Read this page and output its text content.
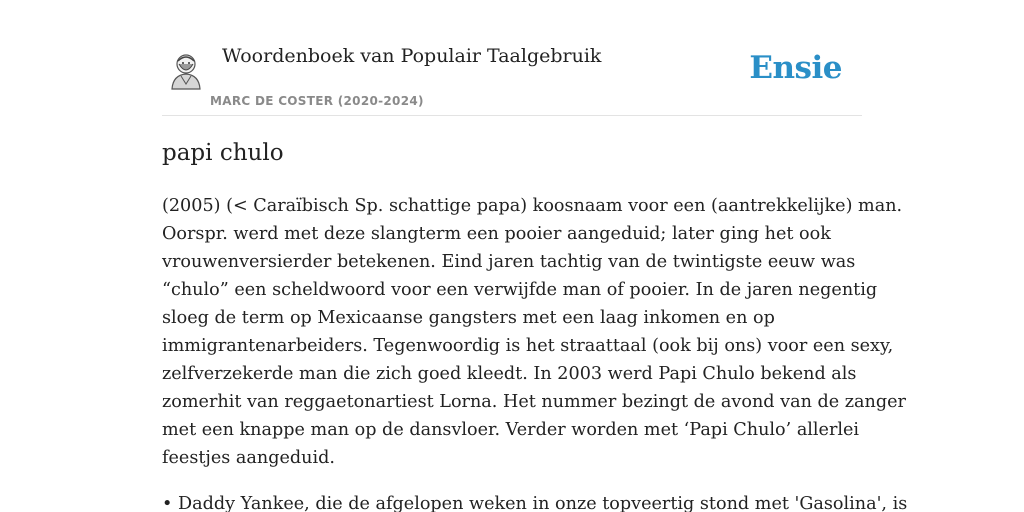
Woordenboek van Populair Taalgebruik
MARC DE COSTER (2020-2024)
Ensie
papi chulo

(2005) (< Caraïbisch Sp. schattige papa) koosnaam voor een (aantrekkelijke) man.
Oorspr. werd met deze slangterm een pooier aangeduid; later ging het ook
vrouwenversierder betekenen. Eind jaren tachtig van de twintigste eeuw was
“chulo” een scheldwoord voor een verwijfde man of pooier. In de jaren negentig
sloeg de term op Mexicaanse gangsters met een laag inkomen en op
immigrantenarbeiders. Tegenwoordig is het straattaal (ook bij ons) voor een sexy,
zelfverzekerde man die zich goed kleedt. In 2003 werd Papi Chulo bekend als
zomerhit van reggaetonartiest Lorna. Het nummer bezingt de avond van de zanger
met een knappe man op de dansvloer. Verder worden met ‘Papi Chulo’ allerlei
feestjes aangeduid.

• Daddy Yankee, die de afgelopen weken in onze topveertig stond met 'Gasolina', is
